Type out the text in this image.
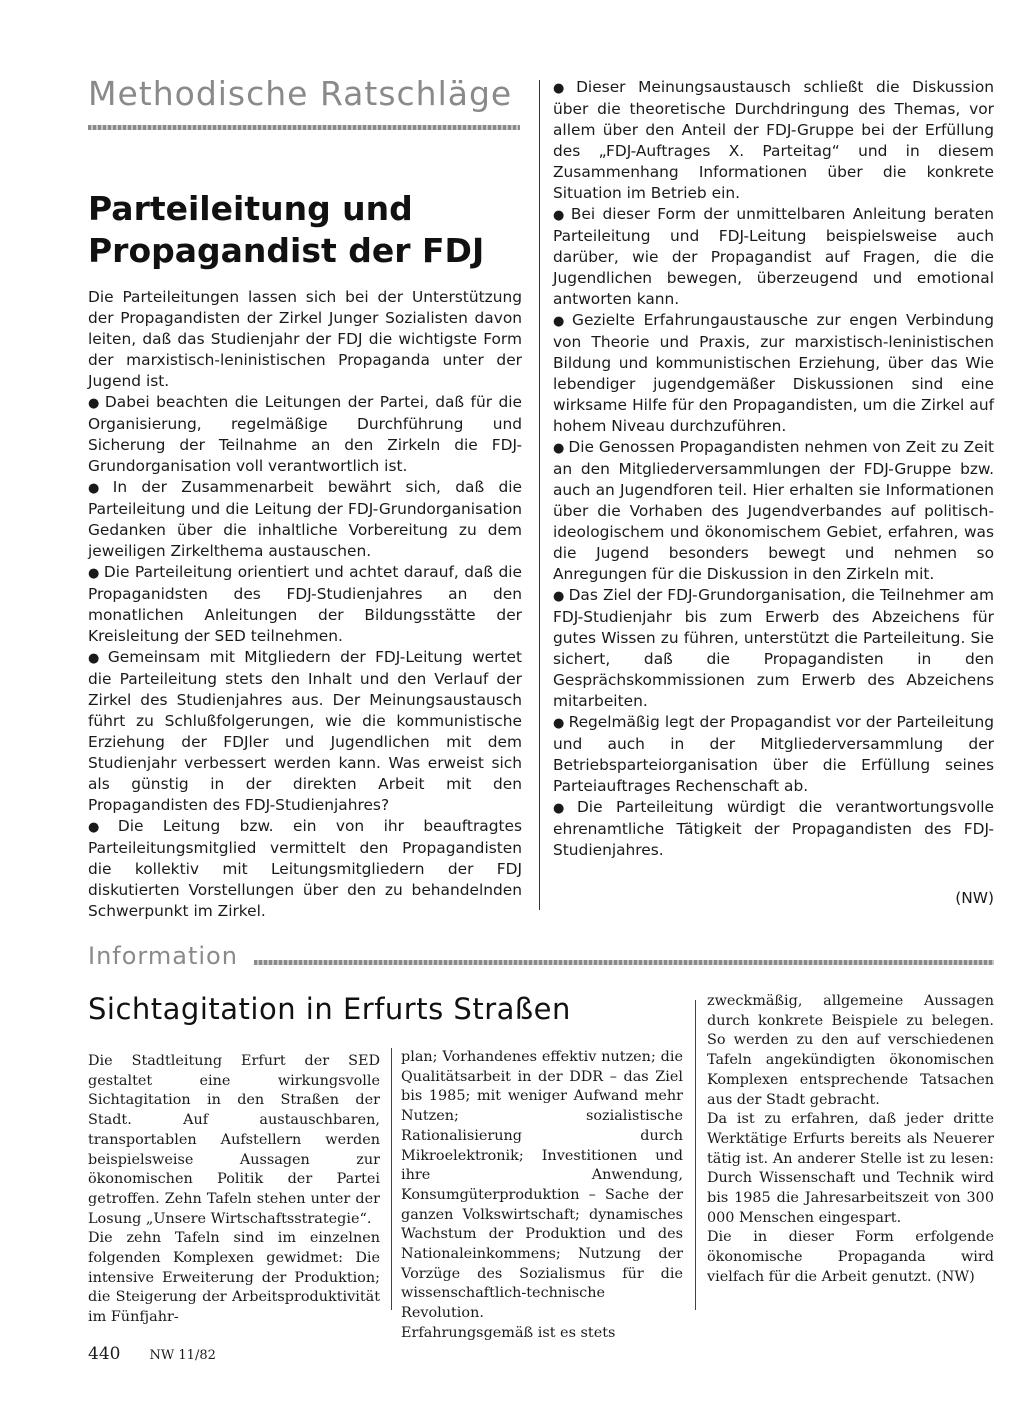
Methodische Ratschläge
Parteileitung und
Propagandist der FDJ

Die Parteileitungen lassen sich bei der Unterstützung der Propagandisten der Zirkel Junger Sozialisten davon leiten, daß das Studienjahr der FDJ die wichtigste Form der marxistisch-leninistischen Propaganda unter der Jugend ist.

● Dabei beachten die Leitungen der Partei, daß für die Organisierung, regelmäßige Durchführung und Sicherung der Teilnahme an den Zirkeln die FDJ-Grundorganisation voll verantwortlich ist.

● In der Zusammenarbeit bewährt sich, daß die Parteileitung und die Leitung der FDJ-Grundorganisation Gedanken über die inhaltliche Vorbereitung zu dem jeweiligen Zirkelthema austauschen.

● Die Parteileitung orientiert und achtet darauf, daß die Propaganidsten des FDJ-Studienjahres an den monatlichen Anleitungen der Bildungsstätte der Kreisleitung der SED teilnehmen.

● Gemeinsam mit Mitgliedern der FDJ-Leitung wertet die Parteileitung stets den Inhalt und den Verlauf der Zirkel des Studienjahres aus. Der Meinungsaustausch führt zu Schlußfolgerungen, wie die kommunistische Erziehung der FDJler und Jugendlichen mit dem Studienjahr verbessert werden kann. Was erweist sich als günstig in der direkten Arbeit mit den Propagandisten des FDJ-Studienjahres?

● Die Leitung bzw. ein von ihr beauftragtes Parteileitungsmitglied vermittelt den Propagandisten die kollektiv mit Leitungsmitgliedern der FDJ diskutierten Vorstellungen über den zu behandelnden Schwerpunkt im Zirkel.

● Dieser Meinungsaustausch schließt die Diskussion über die theoretische Durchdringung des Themas, vor allem über den Anteil der FDJ-Gruppe bei der Erfüllung des „FDJ-Auftrages X. Parteitag“ und in diesem Zusammenhang Informationen über die konkrete Situation im Betrieb ein.

● Bei dieser Form der unmittelbaren Anleitung beraten Parteileitung und FDJ-Leitung beispielsweise auch darüber, wie der Propagandist auf Fragen, die die Jugendlichen bewegen, überzeugend und emotional antworten kann.

● Gezielte Erfahrungaustausche zur engen Verbindung von Theorie und Praxis, zur marxistisch-leninistischen Bildung und kommunistischen Erziehung, über das Wie lebendiger jugendgemäßer Diskussionen sind eine wirksame Hilfe für den Propagandisten, um die Zirkel auf hohem Niveau durchzuführen.

● Die Genossen Propagandisten nehmen von Zeit zu Zeit an den Mitgliederversammlungen der FDJ-Gruppe bzw. auch an Jugendforen teil. Hier erhalten sie Informationen über die Vorhaben des Jugendverbandes auf politisch-ideologischem und ökonomischem Gebiet, erfahren, was die Jugend besonders bewegt und nehmen so Anregungen für die Diskussion in den Zirkeln mit.

● Das Ziel der FDJ-Grundorganisation, die Teilnehmer am FDJ-Studienjahr bis zum Erwerb des Abzeichens für gutes Wissen zu führen, unterstützt die Parteileitung. Sie sichert, daß die Propagandisten in den Gesprächskommissionen zum Erwerb des Abzeichens mitarbeiten.

● Regelmäßig legt der Propagandist vor der Parteileitung und auch in der Mitgliederversammlung der Betriebsparteiorganisation über die Erfüllung seines Parteiauftrages Rechenschaft ab.

● Die Parteileitung würdigt die verantwortungsvolle ehrenamtliche Tätigkeit der Propagandisten des FDJ-Studienjahres.

(NW)
Information
Sichtagitation in Erfurts Straßen

Die Stadtleitung Erfurt der SED gestaltet eine wirkungsvolle Sichtagitation in den Straßen der Stadt. Auf austauschbaren, transportablen Aufstellern werden beispielsweise Aussagen zur ökonomischen Politik der Partei getroffen. Zehn Tafeln stehen unter der Losung „Unsere Wirtschaftsstrategie“.

Die zehn Tafeln sind im einzelnen folgenden Komplexen gewidmet: Die intensive Erweiterung der Produktion; die Steigerung der Arbeitsproduktivität im Fünfjahr-

plan; Vorhandenes effektiv nutzen; die Qualitätsarbeit in der DDR – das Ziel bis 1985; mit weniger Aufwand mehr Nutzen; sozialistische Rationalisierung durch Mikroelektronik; Investitionen und ihre Anwendung, Konsumgüterproduktion – Sache der ganzen Volkswirtschaft; dynamisches Wachstum der Produktion und des Nationaleinkommens; Nutzung der Vorzüge des Sozialismus für die wissenschaftlich-technische Revolution.

Erfahrungsgemäß ist es stets

zweckmäßig, allgemeine Aussagen durch konkrete Beispiele zu belegen. So werden zu den auf verschiedenen Tafeln angekündigten ökonomischen Komplexen entsprechende Tatsachen aus der Stadt gebracht.

Da ist zu erfahren, daß jeder dritte Werktätige Erfurts bereits als Neuerer tätig ist. An anderer Stelle ist zu lesen: Durch Wissenschaft und Technik wird bis 1985 die Jahresarbeitszeit von 300 000 Menschen eingespart.

Die in dieser Form erfolgende ökonomische Propaganda wird vielfach für die Arbeit genutzt. (NW)

440 NW 11/82
